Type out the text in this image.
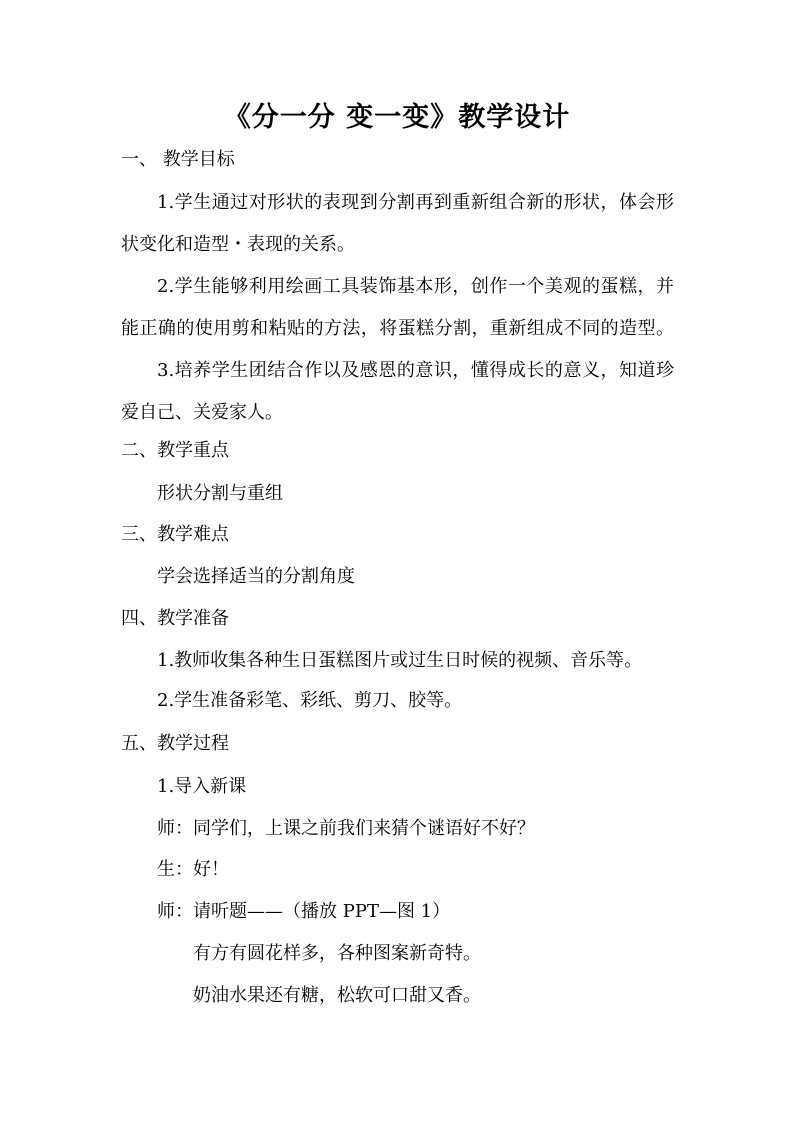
《分一分 变一变》教学设计
一、 教学目标
1.学生通过对形状的表现到分割再到重新组合新的形状，体会形
状变化和造型・表现的关系。
2.学生能够利用绘画工具装饰基本形，创作一个美观的蛋糕，并
能正确的使用剪和粘贴的方法，将蛋糕分割，重新组成不同的造型。
3.培养学生团结合作以及感恩的意识，懂得成长的意义，知道珍
爱自己、关爱家人。
二、教学重点
形状分割与重组
三、教学难点
学会选择适当的分割角度
四、教学准备
1.教师收集各种生日蛋糕图片或过生日时候的视频、音乐等。
2.学生准备彩笔、彩纸、剪刀、胶等。
五、教学过程
1.导入新课
师：同学们，上课之前我们来猜个谜语好不好？
生：好！
师：请听题——（播放 PPT—图 1）
有方有圆花样多，各种图案新奇特。
奶油水果还有糖，松软可口甜又香。
